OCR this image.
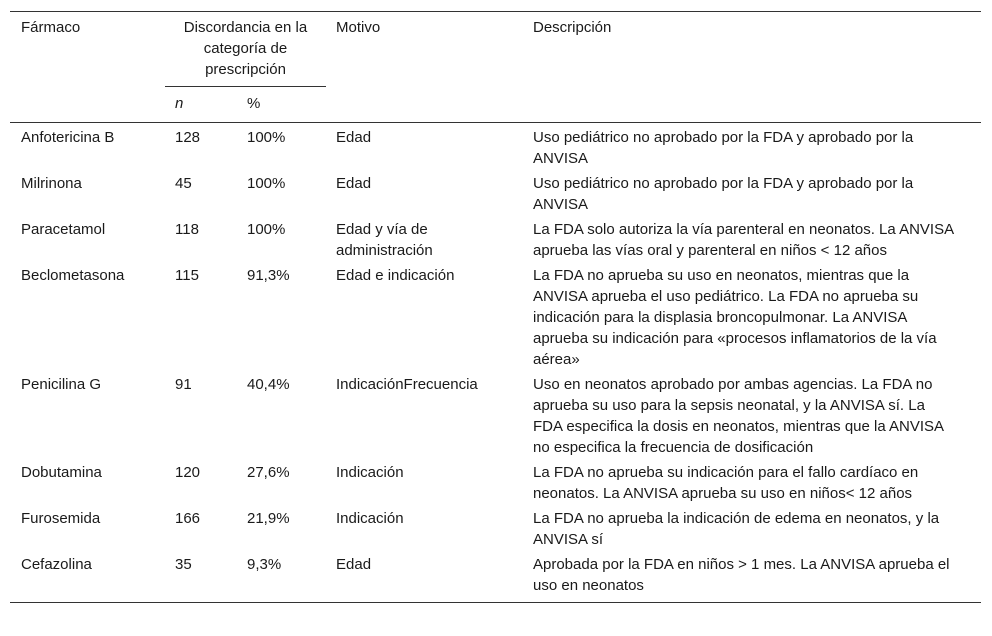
Fármaco	Discordancia en la categoría de prescripción		Motivo	Descripción
	n	%		
Anfotericina B	128	100%	Edad	Uso pediátrico no aprobado por la FDA y aprobado por la ANVISA
Milrinona	45	100%	Edad	Uso pediátrico no aprobado por la FDA y aprobado por la ANVISA
Paracetamol	118	100%	Edad y vía de administración	La FDA solo autoriza la vía parenteral en neonatos. La ANVISA aprueba las vías oral y parenteral en niños < 12 años
Beclometasona	115	91,3%	Edad e indicación	La FDA no aprueba su uso en neonatos, mientras que la ANVISA aprueba el uso pediátrico. La FDA no aprueba su indicación para la displasia broncopulmonar. La ANVISA aprueba su indicación para «procesos inflamatorios de la vía aérea»
Penicilina G	91	40,4%	IndicaciónFrecuencia	Uso en neonatos aprobado por ambas agencias. La FDA no aprueba su uso para la sepsis neonatal, y la ANVISA sí. La FDA especifica la dosis en neonatos, mientras que la ANVISA no especifica la frecuencia de dosificación
Dobutamina	120	27,6%	Indicación	La FDA no aprueba su indicación para el fallo cardíaco en neonatos. La ANVISA aprueba su uso en niños< 12 años
Furosemida	166	21,9%	Indicación	La FDA no aprueba la indicación de edema en neonatos, y la ANVISA sí
Cefazolina	35	9,3%	Edad	Aprobada por la FDA en niños > 1 mes. La ANVISA aprueba el uso en neonatos
